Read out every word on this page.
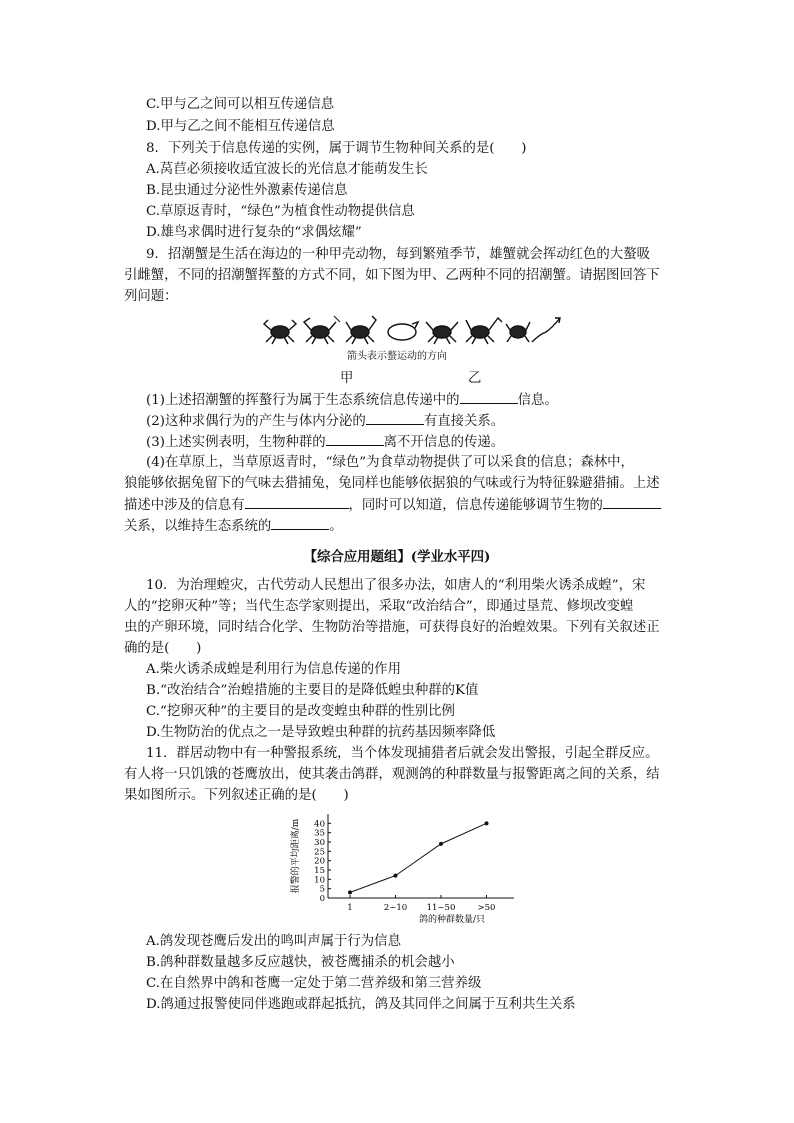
C.甲与乙之间可以相互传递信息
D.甲与乙之间不能相互传递信息
8．下列关于信息传递的实例，属于调节生物种间关系的是(　　)
A.莴苣必须接收适宜波长的光信息才能萌发生长
B.昆虫通过分泌性外激素传递信息
C.草原返青时，“绿色”为植食性动物提供信息
D.雄鸟求偶时进行复杂的“求偶炫耀”
9．招潮蟹是生活在海边的一种甲壳动物，每到繁殖季节，雄蟹就会挥动红色的大螯吸
引雌蟹，不同的招潮蟹挥螯的方式不同，如下图为甲、乙两种不同的招潮蟹。请据图回答下
列问题：
箭头表示螯运动的方向
甲	乙
(1)上述招潮蟹的挥螯行为属于生态系统信息传递中的	信息。
(2)这种求偶行为的产生与体内分泌的	有直接关系。
(3)上述实例表明，生物种群的	离不开信息的传递。
(4)在草原上，当草原返青时，“绿色”为食草动物提供了可以采食的信息；森林中，
狼能够依据兔留下的气味去猎捕兔，兔同样也能够依据狼的气味或行为特征躲避猎捕。上述
描述中涉及的信息有	，同时可以知道，信息传递能够调节生物的
关系，以维持生态系统的	。
【综合应用题组】(学业水平四)
10．为治理蝗灾，古代劳动人民想出了很多办法，如唐人的“利用柴火诱杀成蝗”，宋
人的“挖卵灭种”等；当代生态学家则提出，采取“改治结合”，即通过垦荒、修坝改变蝗
虫的产卵环境，同时结合化学、生物防治等措施，可获得良好的治蝗效果。下列有关叙述正
确的是(　　)
A.柴火诱杀成蝗是利用行为信息传递的作用
B.“改治结合”治蝗措施的主要目的是降低蝗虫种群的K值
C.“挖卵灭种”的主要目的是改变蝗虫种群的性别比例
D.生物防治的优点之一是导致蝗虫种群的抗药基因频率降低
11．群居动物中有一种警报系统，当个体发现捕猎者后就会发出警报，引起全群反应。
有人将一只饥饿的苍鹰放出，使其袭击鸽群，观测鸽的种群数量与报警距离之间的关系，结
果如图所示。下列叙述正确的是(　　)
报警的平均距离/m
0
5
10
15
20
25
30
35
40
1	2~10 11~50	>50
鸽的种群数量/只
A.鸽发现苍鹰后发出的鸣叫声属于行为信息
B.鸽种群数量越多反应越快，被苍鹰捕杀的机会越小
C.在自然界中鸽和苍鹰一定处于第二营养级和第三营养级
D.鸽通过报警使同伴逃跑或群起抵抗，鸽及其同伴之间属于互利共生关系
